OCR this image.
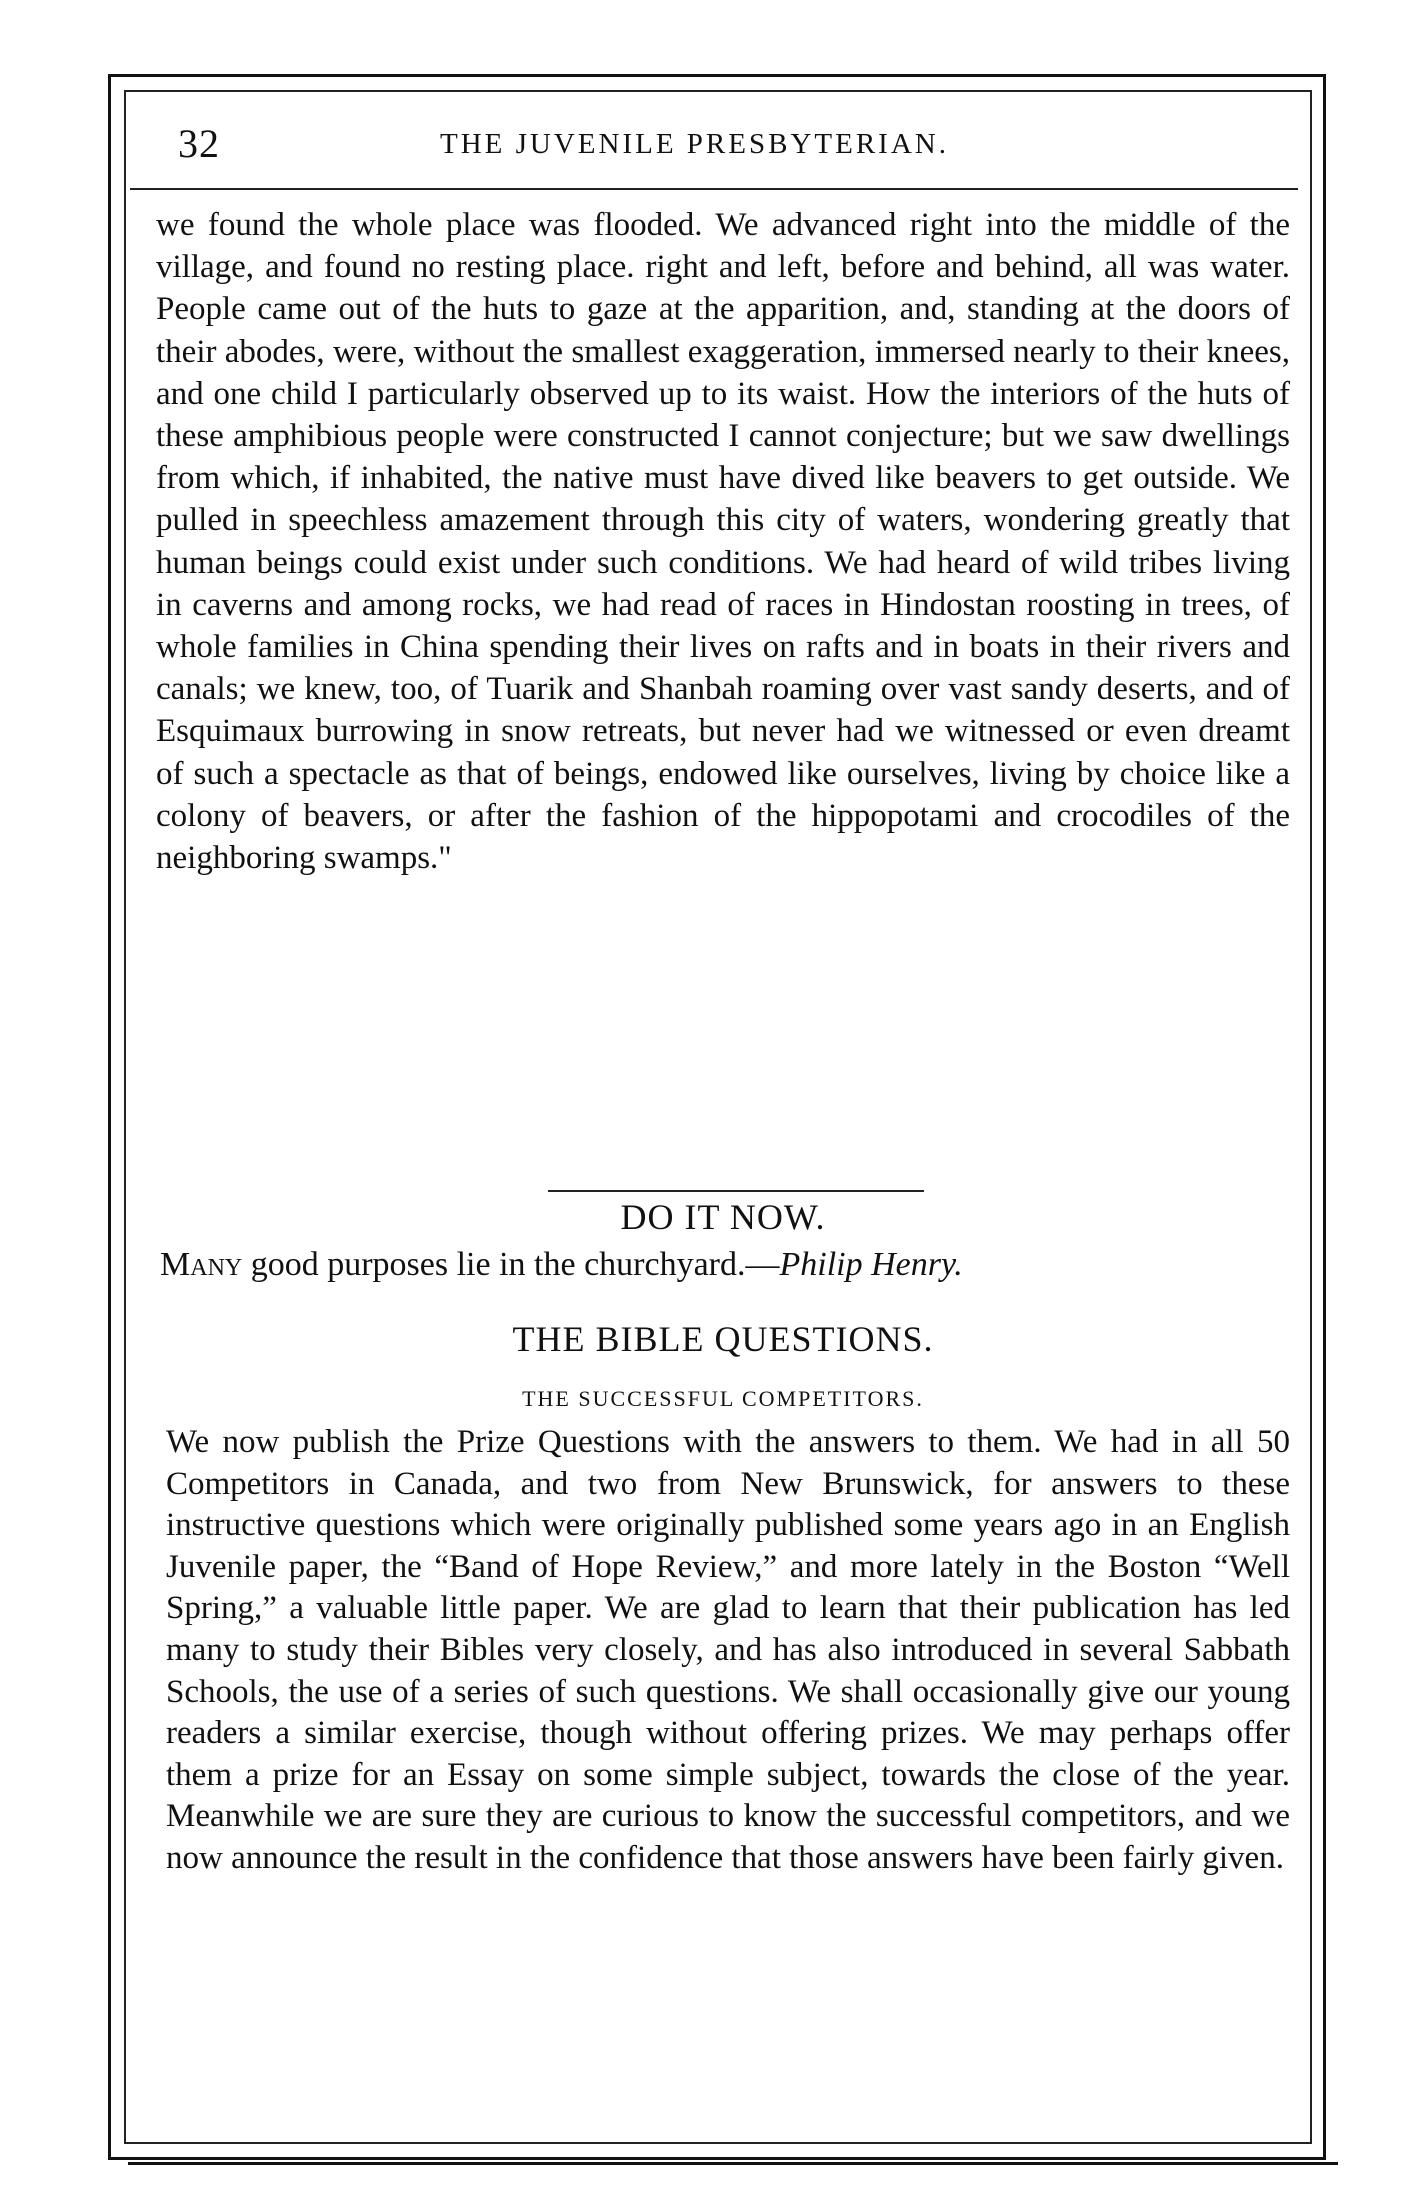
32	THE JUVENILE PRESBYTERIAN.

we found the whole place was flooded. We advanced right into the middle of the village, and found no resting place. right and left, before and behind, all was water. People came out of the huts to gaze at the apparition, and, standing at the doors of their abodes, were, without the smallest exaggeration, immersed nearly to their knees, and one child I particularly observed up to its waist. How the interiors of the huts of these amphibious people were constructed I cannot conjecture; but we saw dwellings from which, if inhabited, the native must have dived like beavers to get outside. We pulled in speechless amazement through this city of waters, wondering greatly that human beings could exist under such conditions. We had heard of wild tribes living in caverns and among rocks, we had read of races in Hindostan roosting in trees, of whole families in China spending their lives on rafts and in boats in their rivers and canals; we knew, too, of Tuarik and Shanbah roaming over vast sandy deserts, and of Esquimaux burrowing in snow retreats, but never had we witnessed or even dreamt of such a spectacle as that of beings, endowed like ourselves, living by choice like a colony of beavers, or after the fashion of the hippopotami and crocodiles of the neighboring swamps."

DO IT NOW.
Many good purposes lie in the churchyard.—Philip Henry.
THE BIBLE QUESTIONS.
THE SUCCESSFUL COMPETITORS.

We now publish the Prize Questions with the answers to them. We had in all 50 Competitors in Canada, and two from New Brunswick, for answers to these instructive questions which were originally published some years ago in an English Juvenile paper, the “Band of Hope Review,” and more lately in the Boston “Well Spring,” a valuable little paper. We are glad to learn that their publication has led many to study their Bibles very closely, and has also introduced in several Sabbath Schools, the use of a series of such questions. We shall occasionally give our young readers a similar exercise, though without offering prizes. We may perhaps offer them a prize for an Essay on some simple subject, towards the close of the year. Meanwhile we are sure they are curious to know the successful competitors, and we now announce the result in the confidence that those answers have been fairly given.
